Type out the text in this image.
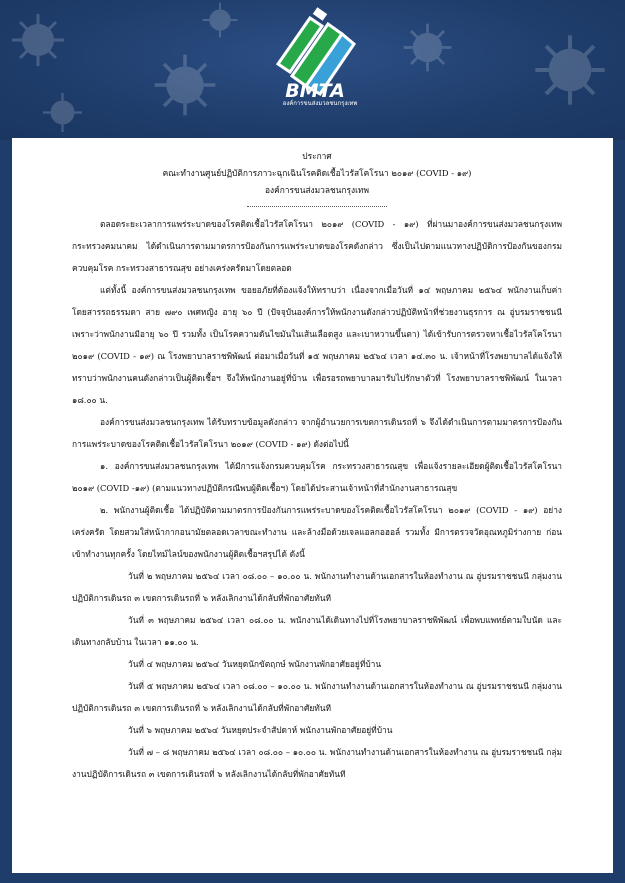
BMTA
องค์การขนส่งมวลชนกรุงเทพ

ประกาศ

คณะทำงานศูนย์ปฏิบัติการภาวะฉุกเฉินโรคติดเชื้อไวรัสโคโรนา ๒๐๑๙ (COVID - ๑๙)

องค์การขนส่งมวลชนกรุงเทพ

ตลอดระยะเวลาการแพร่ระบาดของโรคติดเชื้อไวรัสโคโรนา ๒๐๑๙ (COVID - ๑๙) ที่ผ่านมาองค์การขนส่งมวลชนกรุงเทพ กระทรวงคมนาคม ได้ดำเนินการตามมาตรการป้องกันการแพร่ระบาดของโรคดังกล่าว ซึ่งเป็นไปตามแนวทางปฏิบัติการป้องกันของกรมควบคุมโรค กระทรวงสาธารณสุข อย่างเคร่งครัดมาโดยตลอด

แต่ทั้งนี้ องค์การขนส่งมวลชนกรุงเทพ ขอยอภัยที่ต้องแจ้งให้ทราบว่า เนื่องจากเมื่อวันที่ ๑๔ พฤษภาคม ๒๕๖๔ พนักงานเก็บค่าโดยสารรถธรรมดา สาย ๗๙๐ เพศหญิง อายุ ๖๐ ปี (ปัจจุบันองค์การให้พนักงานดังกล่าวปฏิบัติหน้าที่ช่วยงานธุรการ ณ อู่บรมราชชนนี เพราะว่าพนักงานมีอายุ ๖๐ ปี รวมทั้ง เป็นโรคความดันไขมันในเส้นเลือดสูง และเบาหวานขึ้นตา) ได้เข้ารับการตรวจหาเชื้อไวรัสโคโรนา ๒๐๑๙ (COVID - ๑๙) ณ โรงพยาบาลราชพิพัฒน์ ต่อมาเมื่อวันที่ ๑๕ พฤษภาคม ๒๕๖๔ เวลา ๑๔.๓๐ น. เจ้าหน้าที่โรงพยาบาลได้แจ้งให้ทราบว่าพนักงานคนดังกล่าวเป็นผู้ติดเชื้อฯ จึงให้พนักงานอยู่ที่บ้าน เพื่อรอรถพยาบาลมารับไปรักษาตัวที่ โรงพยาบาลราชพิพัฒน์ ในเวลา ๑๘.๐๐ น.

องค์การขนส่งมวลชนกรุงเทพ ได้รับทราบข้อมูลดังกล่าว จากผู้อำนวยการเขตการเดินรถที่ ๖ จึงได้ดำเนินการตามมาตรการป้องกันการแพร่ระบาดของโรคติดเชื้อไวรัสโคโรนา ๒๐๑๙ (COVID - ๑๙) ดังต่อไปนี้

๑. องค์การขนส่งมวลชนกรุงเทพ ได้มีการแจ้งกรมควบคุมโรค กระทรวงสาธารณสุข เพื่อแจ้งรายละเอียดผู้ติดเชื้อไวรัสโคโรนา ๒๐๑๙ (COVID -๑๙) (ตามแนวทางปฏิบัติกรณีพบผู้ติดเชื้อฯ) โดยได้ประสานเจ้าหน้าที่สำนักงานสาธารณสุข

๒. พนักงานผู้ติดเชื้อ ได้ปฏิบัติตามมาตรการป้องกันการแพร่ระบาดของโรคติดเชื้อไวรัสโคโรนา ๒๐๑๙ (COVID - ๑๙) อย่างเคร่งครัด โดยสวมใส่หน้ากากอนามัยตลอดเวลาขณะทำงาน และล้างมือด้วยเจลแอลกอฮอล์ รวมทั้ง มีการตรวจวัดอุณหภูมิร่างกาย ก่อนเข้าทำงานทุกครั้ง โดยไทม์ไลน์ของพนักงานผู้ติดเชื้อฯสรุปได้ ดังนี้

วันที่ ๒ พฤษภาคม ๒๕๖๔ เวลา ๐๘.๐๐ – ๑๐.๐๐ น. พนักงานทำงานด้านเอกสารในห้องทำงาน ณ อู่บรมราชชนนี กลุ่มงานปฏิบัติการเดินรถ ๓ เขตการเดินรถที่ ๖ หลังเลิกงานได้กลับที่พักอาศัยทันที

วันที่ ๓ พฤษภาคม ๒๕๖๔ เวลา ๐๘.๐๐ น. พนักงานได้เดินทางไปที่โรงพยาบาลราชพิพัฒน์ เพื่อพบแพทย์ตามใบนัด และเดินทางกลับบ้าน ในเวลา ๑๑.๐๐ น.

วันที่ ๔ พฤษภาคม ๒๕๖๔ วันหยุดนักขัตฤกษ์ พนักงานพักอาศัยอยู่ที่บ้าน

วันที่ ๕ พฤษภาคม ๒๕๖๔ เวลา ๐๘.๐๐ – ๑๐.๐๐ น. พนักงานทำงานด้านเอกสารในห้องทำงาน ณ อู่บรมราชชนนี กลุ่มงานปฏิบัติการเดินรถ ๓ เขตการเดินรถที่ ๖ หลังเลิกงานได้กลับที่พักอาศัยทันที

วันที่ ๖ พฤษภาคม ๒๕๖๔ วันหยุดประจำสัปดาห์ พนักงานพักอาศัยอยู่ที่บ้าน

วันที่ ๗ – ๘ พฤษภาคม ๒๕๖๔ เวลา ๐๘.๐๐ – ๑๐.๐๐ น. พนักงานทำงานด้านเอกสารในห้องทำงาน ณ อู่บรมราชชนนี กลุ่มงานปฏิบัติการเดินรถ ๓ เขตการเดินรถที่ ๖ หลังเลิกงานได้กลับที่พักอาศัยทันที
